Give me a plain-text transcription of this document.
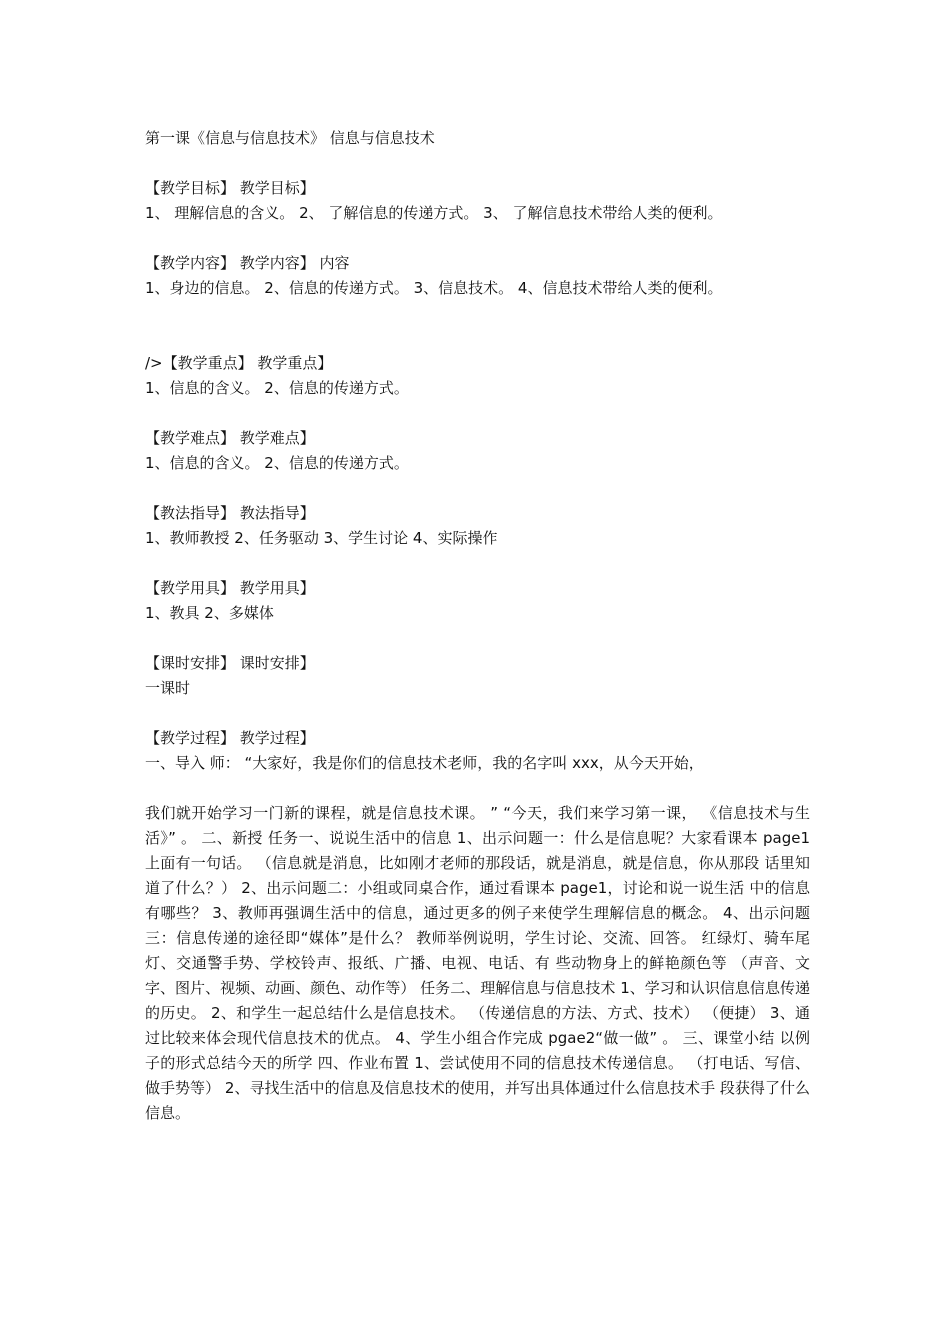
第一课《信息与信息技术》 信息与信息技术
【教学目标】 教学目标】
1、 理解信息的含义。 2、 了解信息的传递方式。 3、 了解信息技术带给人类的便利。
【教学内容】 教学内容】 内容
1、身边的信息。 2、信息的传递方式。 3、信息技术。 4、信息技术带给人类的便利。
/>【教学重点】 教学重点】
1、信息的含义。 2、信息的传递方式。
【教学难点】 教学难点】
1、信息的含义。 2、信息的传递方式。
【教法指导】 教法指导】
1、教师教授 2、任务驱动 3、学生讨论 4、实际操作
【教学用具】 教学用具】
1、教具 2、多媒体
【课时安排】 课时安排】
一课时
【教学过程】 教学过程】
一、导入 师： “大家好，我是你们的信息技术老师，我的名字叫 xxx，从今天开始，
我们就开始学习一门新的课程，就是信息技术课。 ” “今天，我们来学习第一课， 《信息技术与生活》” 。 二、新授 任务一、说说生活中的信息 1、出示问题一：什么是信息呢？大家看课本 page1 上面有一句话。 （信息就是消息，比如刚才老师的那段话，就是消息，就是信息，你从那段 话里知道了什么？） 2、出示问题二：小组或同桌合作，通过看课本 page1，讨论和说一说生活 中的信息有哪些？ 3、教师再强调生活中的信息，通过更多的例子来使学生理解信息的概念。 4、出示问题三：信息传递的途径即“媒体”是什么？ 教师举例说明，学生讨论、交流、回答。 红绿灯、骑车尾灯、交通警手势、学校铃声、报纸、广播、电视、电话、有 些动物身上的鲜艳颜色等 （声音、文字、图片、视频、动画、颜色、动作等） 任务二、理解信息与信息技术 1、学习和认识信息信息传递的历史。 2、和学生一起总结什么是信息技术。 （传递信息的方法、方式、技术） （便捷） 3、通过比较来体会现代信息技术的优点。 4、学生小组合作完成 pgae2“做一做” 。 三、课堂小结 以例子的形式总结今天的所学 四、作业布置 1、尝试使用不同的信息技术传递信息。 （打电话、写信、做手势等） 2、寻找生活中的信息及信息技术的使用，并写出具体通过什么信息技术手 段获得了什么信息。
